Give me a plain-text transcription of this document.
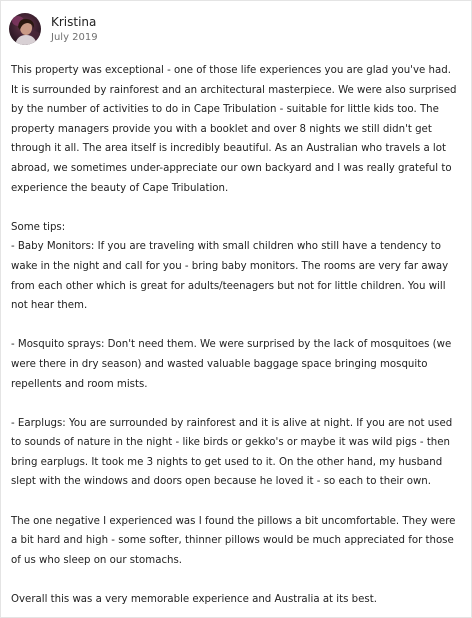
Kristina
July 2019

This property was exceptional - one of those life experiences you are glad you've had.
It is surrounded by rainforest and an architectural masterpiece. We were also surprised
by the number of activities to do in Cape Tribulation - suitable for little kids too. The
property managers provide you with a booklet and over 8 nights we still didn't get
through it all. The area itself is incredibly beautiful. As an Australian who travels a lot
abroad, we sometimes under-appreciate our own backyard and I was really grateful to
experience the beauty of Cape Tribulation.

Some tips:
- Baby Monitors: If you are traveling with small children who still have a tendency to
wake in the night and call for you - bring baby monitors. The rooms are very far away
from each other which is great for adults/teenagers but not for little children. You will
not hear them.

- Mosquito sprays: Don't need them. We were surprised by the lack of mosquitoes (we
were there in dry season) and wasted valuable baggage space bringing mosquito
repellents and room mists.

- Earplugs: You are surrounded by rainforest and it is alive at night. If you are not used
to sounds of nature in the night - like birds or gekko's or maybe it was wild pigs - then
bring earplugs. It took me 3 nights to get used to it. On the other hand, my husband
slept with the windows and doors open because he loved it - so each to their own.

The one negative I experienced was I found the pillows a bit uncomfortable. They were
a bit hard and high - some softer, thinner pillows would be much appreciated for those
of us who sleep on our stomachs.

Overall this was a very memorable experience and Australia at its best.
